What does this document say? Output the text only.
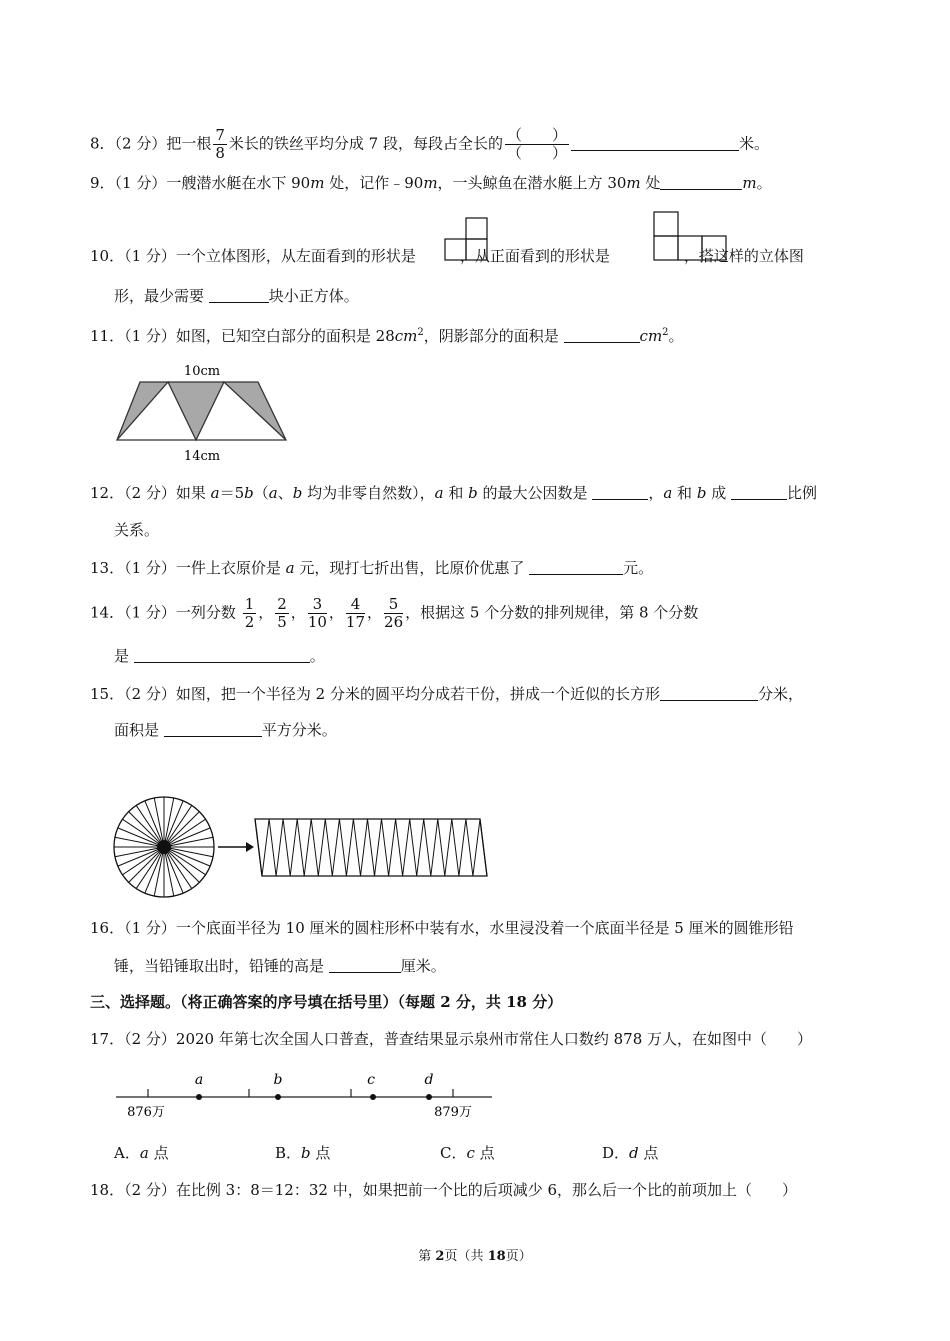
8．（2 分）把一根 $\frac{7}{8}$ 米长的铁丝平均分成 7 段，每段占全长的 $\frac{( )}{( )}$	米。
9．（1 分）一艘潜水艇在水下 90m 处，记作﹣90m，一头鲸鱼在潜水艇上方 30m 处	m。
10．（1 分）一个立体图形，从左面看到的形状是	，从正面看到的形状是	，搭这样的立体图
形，最少需要	块小正方体。
11．（1 分）如图，已知空白部分的面积是 $28cm^2$，阴影部分的面积是	$cm^2$。
10cm
14cm
12．（2 分）如果 a＝5b（a、b 均为非零自然数），a 和 b 的最大公因数是	，a 和 b 成	比例
关系。
13．（1 分）一件上衣原价是 a 元，现打七折出售，比原价优惠了	元。
14．（1 分）一列分数 $\frac{1}{2}$ ， $\frac{2}{5}$ ， $\frac{3}{10}$ ， $\frac{4}{17}$ ， $\frac{5}{26}$ ，根据这 5 个分数的排列规律，第 8 个分数
是	。
15．（2 分）如图，把一个半径为 2 分米的圆平均分成若干份，拼成一个近似的长方形	分米，
面积是	平方分米。
16．（1 分）一个底面半径为 10 厘米的圆柱形杯中装有水，水里浸没着一个底面半径是 5 厘米的圆锥形铅
锤，当铅锤取出时，铅锤的高是	厘米。
三、选择题。（将正确答案的序号填在括号里）（每题 2 分，共 18 分）
17．（2 分）2020 年第七次全国人口普查，普查结果显示泉州市常住人口数约 878 万人，在如图中（　　）
a	b	c	d
876万	879万
A．a 点	B．b 点	C．c 点	D．d 点
18．（2 分）在比例 3：8＝12：32 中，如果把前一个比的后项减少 6，那么后一个比的前项加上（　　）
第 2页（共 18页）
